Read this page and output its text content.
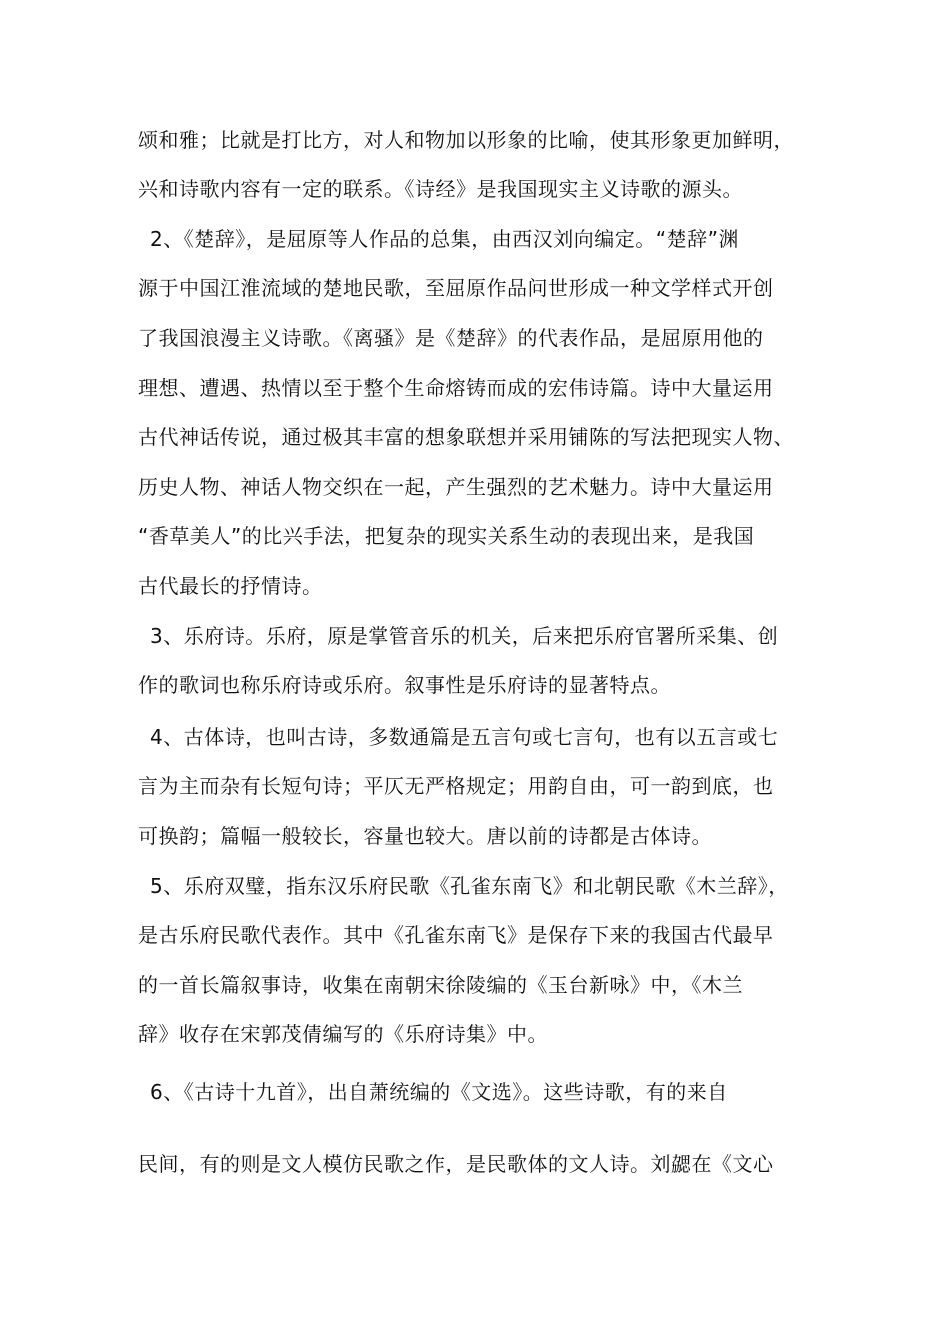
颂和雅；比就是打比方，对人和物加以形象的比喻，使其形象更加鲜明，
兴和诗歌内容有一定的联系。《诗经》是我国现实主义诗歌的源头。
2、《楚辞》，是屈原等人作品的总集，由西汉刘向编定。“楚辞”渊
源于中国江淮流域的楚地民歌，至屈原作品问世形成一种文学样式开创
了我国浪漫主义诗歌。《离骚》是《楚辞》的代表作品，是屈原用他的
理想、遭遇、热情以至于整个生命熔铸而成的宏伟诗篇。诗中大量运用
古代神话传说，通过极其丰富的想象联想并采用铺陈的写法把现实人物、
历史人物、神话人物交织在一起，产生强烈的艺术魅力。诗中大量运用
“香草美人”的比兴手法，把复杂的现实关系生动的表现出来，是我国
古代最长的抒情诗。
3、乐府诗。乐府，原是掌管音乐的机关，后来把乐府官署所采集、创
作的歌词也称乐府诗或乐府。叙事性是乐府诗的显著特点。
4、古体诗，也叫古诗，多数通篇是五言句或七言句，也有以五言或七
言为主而杂有长短句诗；平仄无严格规定；用韵自由，可一韵到底，也
可换韵；篇幅一般较长，容量也较大。唐以前的诗都是古体诗。
5、乐府双璧，指东汉乐府民歌《孔雀东南飞》和北朝民歌《木兰辞》，
是古乐府民歌代表作。其中《孔雀东南飞》是保存下来的我国古代最早
的一首长篇叙事诗，收集在南朝宋徐陵编的《玉台新咏》中，《木兰
辞》收存在宋郭茂倩编写的《乐府诗集》中。
6、《古诗十九首》，出自萧统编的《文选》。这些诗歌，有的来自
民间，有的则是文人模仿民歌之作，是民歌体的文人诗。刘勰在《文心
